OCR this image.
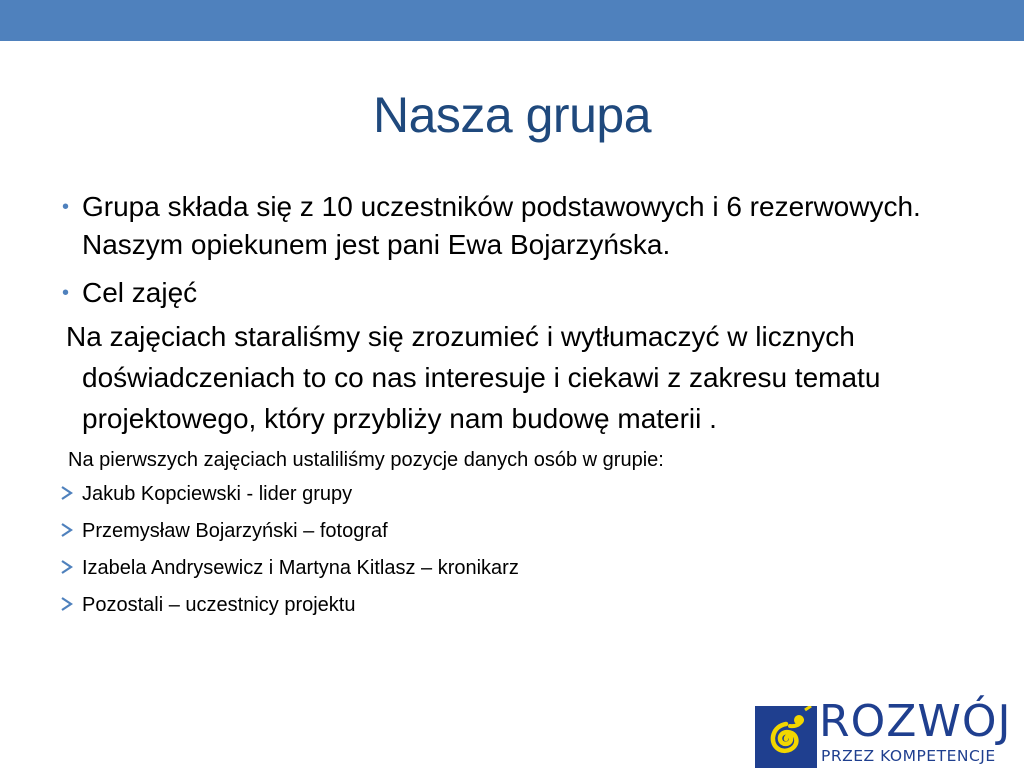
Nasza grupa
• Grupa składa się z 10 uczestników podstawowych i 6 rezerwowych. Naszym opiekunem jest pani Ewa Bojarzyńska.
• Cel zajęć
Na zajęciach staraliśmy się zrozumieć i wytłumaczyć w licznych doświadczeniach to co nas interesuje i ciekawi z zakresu tematu projektowego, który przybliży nam budowę materii .
Na pierwszych zajęciach ustaliliśmy pozycje danych osób w grupie:
Jakub Kopciewski - lider grupy
Przemysław Bojarzyński – fotograf
Izabela Andrysewicz i Martyna Kitlasz – kronikarz
Pozostali – uczestnicy projektu
ROZWÓJ
PRZEZ KOMPETENCJE
